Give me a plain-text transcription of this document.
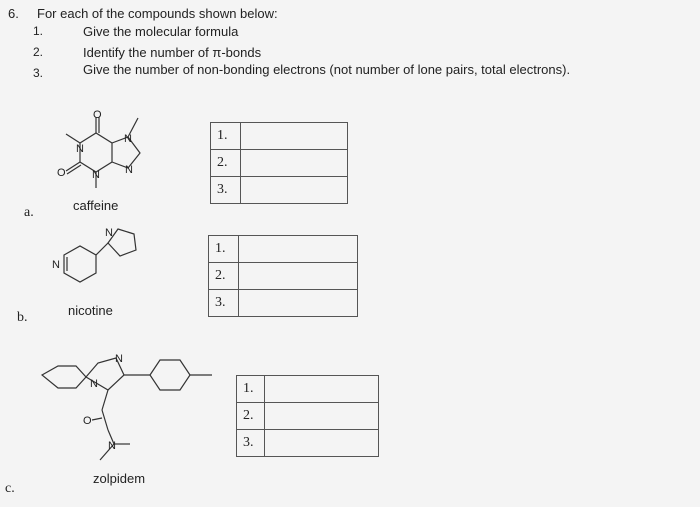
6. For each of the compounds shown below:
1.	Give the molecular formula
2.	Identify the number of π-bonds
3.	Give the number of non-bonding electrons (not number of lone pairs, total electrons).
O
N
N
N
N
O
N
N
N
N
O
N
a.	caffeine
b.	nicotine
c.
zolpidem
1.	
2.	
3.	
1.	
2.	
3.	
1.	
2.	
3.	
